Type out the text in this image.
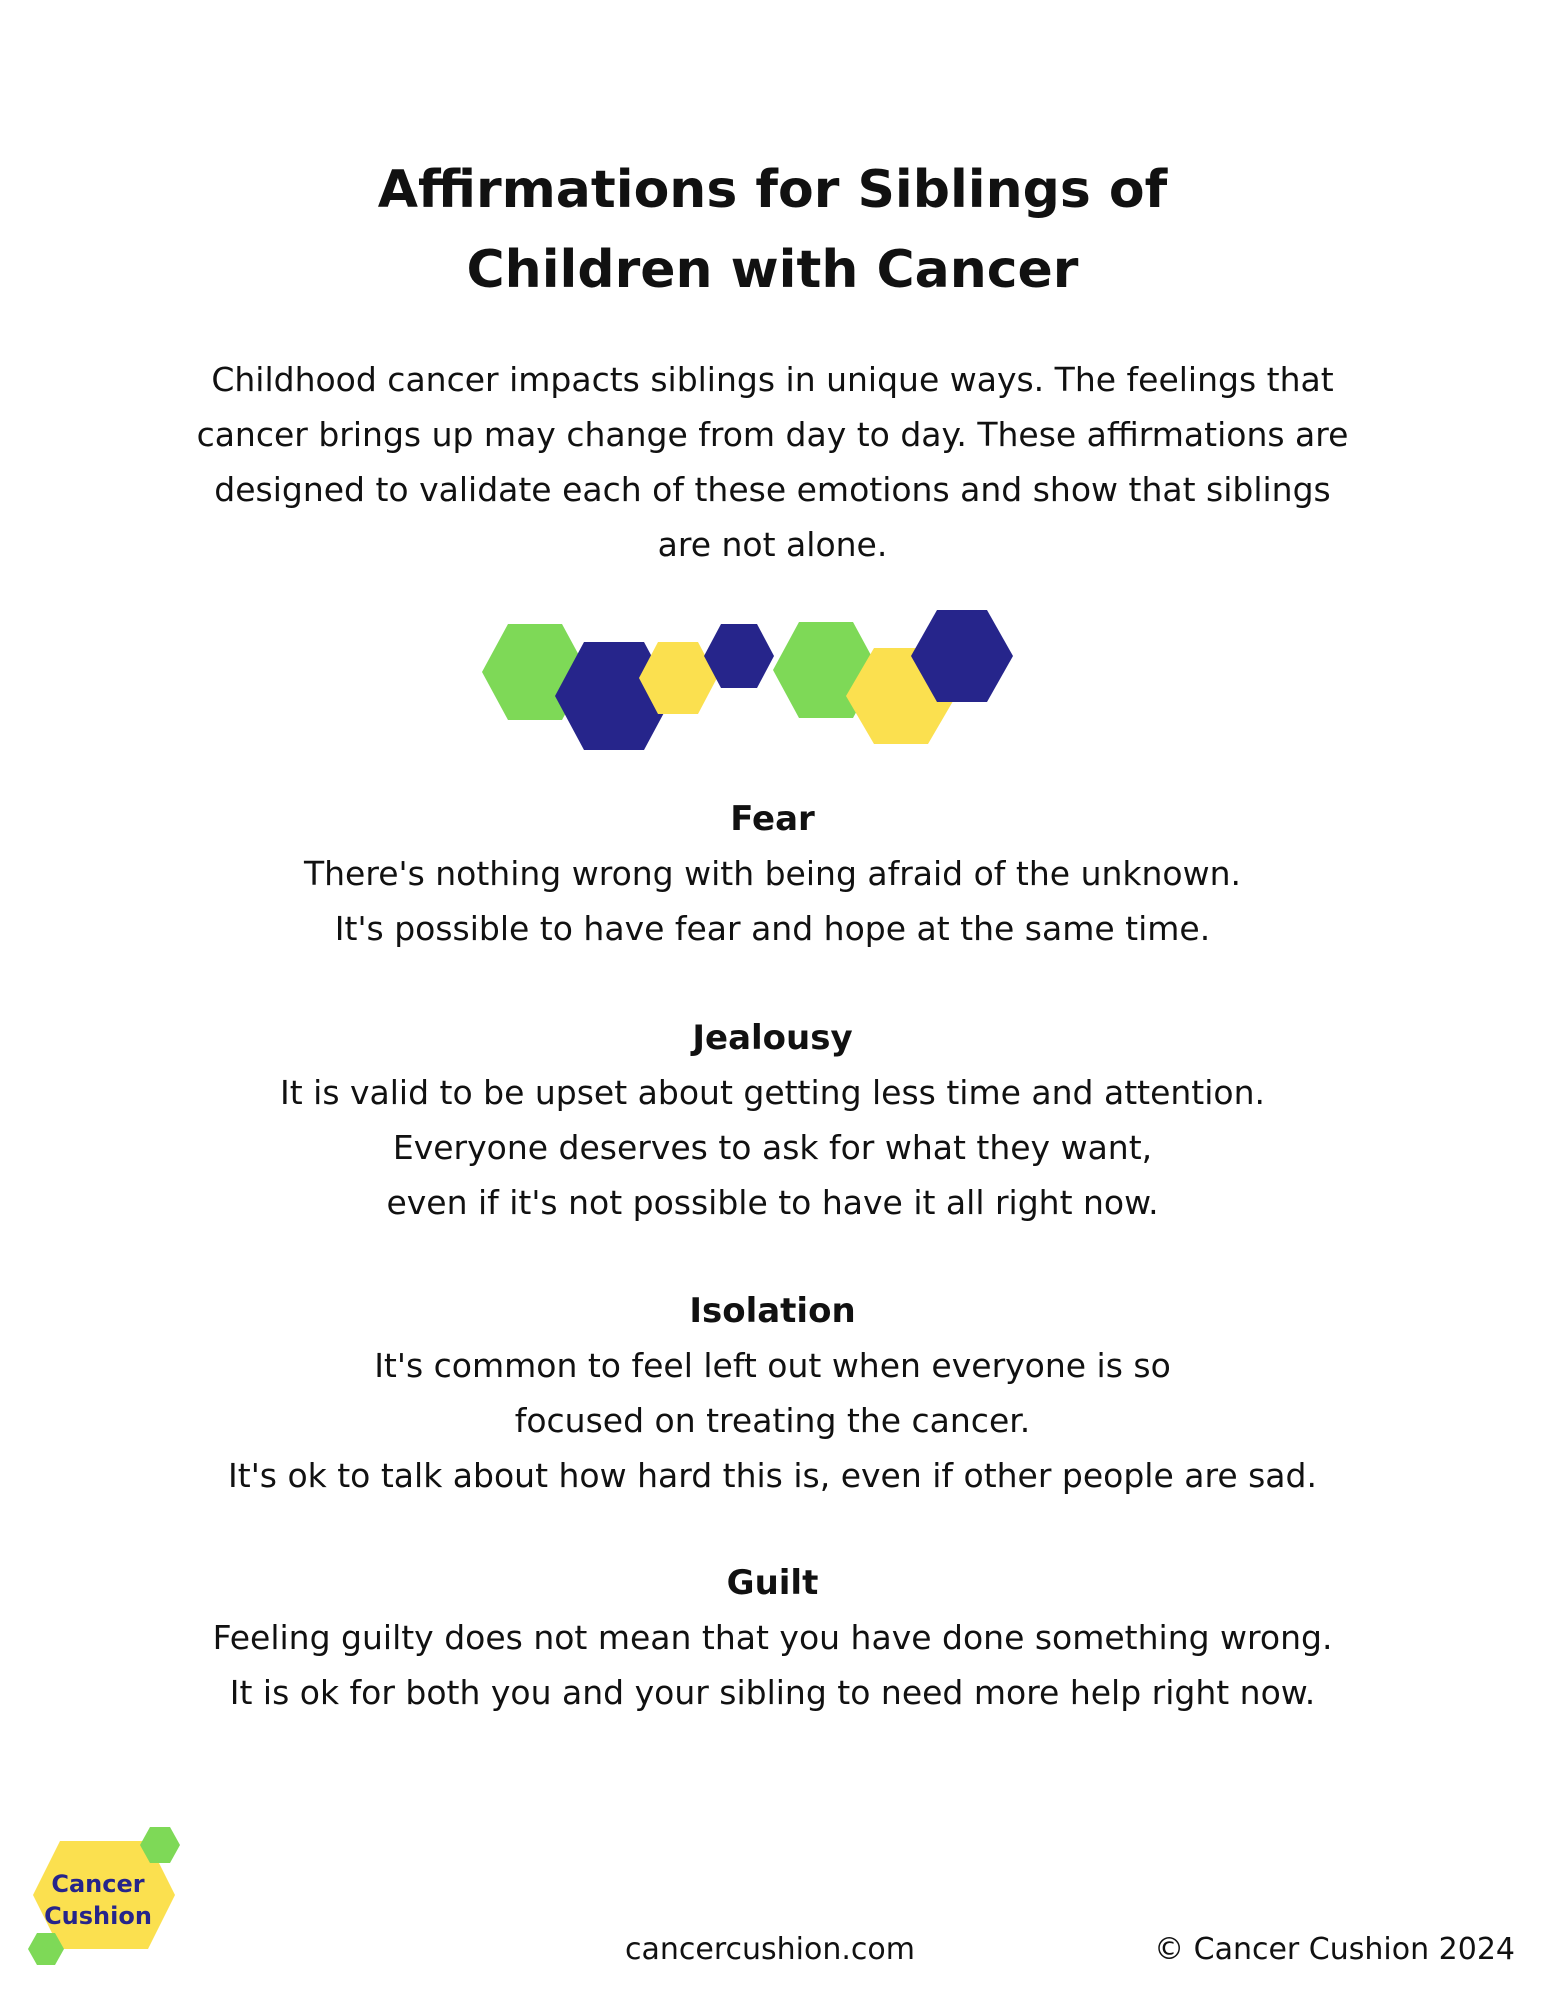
Affirmations for Siblings of
Children with Cancer

Childhood cancer impacts siblings in unique ways. The feelings that
cancer brings up may change from day to day. These affirmations are
designed to validate each of these emotions and show that siblings
are not alone.

Fear

There's nothing wrong with being afraid of the unknown.
It's possible to have fear and hope at the same time.

Jealousy

It is valid to be upset about getting less time and attention.
Everyone deserves to ask for what they want,
even if it's not possible to have it all right now.

Isolation

It's common to feel left out when everyone is so
focused on treating the cancer.
It's ok to talk about how hard this is, even if other people are sad.

Guilt

Feeling guilty does not mean that you have done something wrong.
It is ok for both you and your sibling to need more help right now.

Cancer
Cushion

cancercushion.com	© Cancer Cushion 2024
